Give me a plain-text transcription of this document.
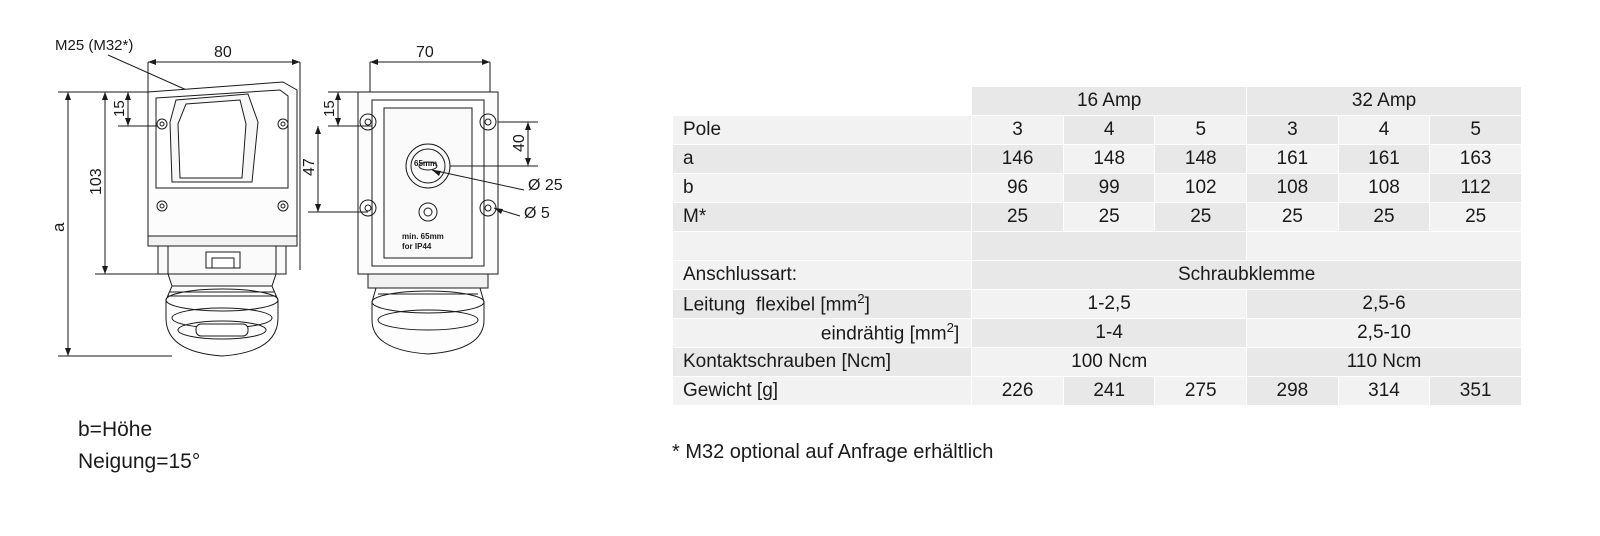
M25 (M32*)	80	70
15
103
a
15
47
40
Ø 25
Ø 5
min. 65mm
for IP44
65mm
b=Höhe
Neigung=15°
	16 Amp			32 Amp		
Pole	3	4	5	3	4	5
a	146	148	148	161	161	163
b	96	99	102	108	108	112
M*	25	25	25	25	25	25

Anschlussart:	Schraubklemme					
Leitung  flexibel $[mm^2]$	1-2,5			2,5-6		
eindrähtig $[mm^2]$	1-4			2,5-10		
Kontaktschrauben [Ncm]	100 Ncm			110 Ncm		
Gewicht [g]	226	241	275	298	314	351
* M32 optional auf Anfrage erhältlich
